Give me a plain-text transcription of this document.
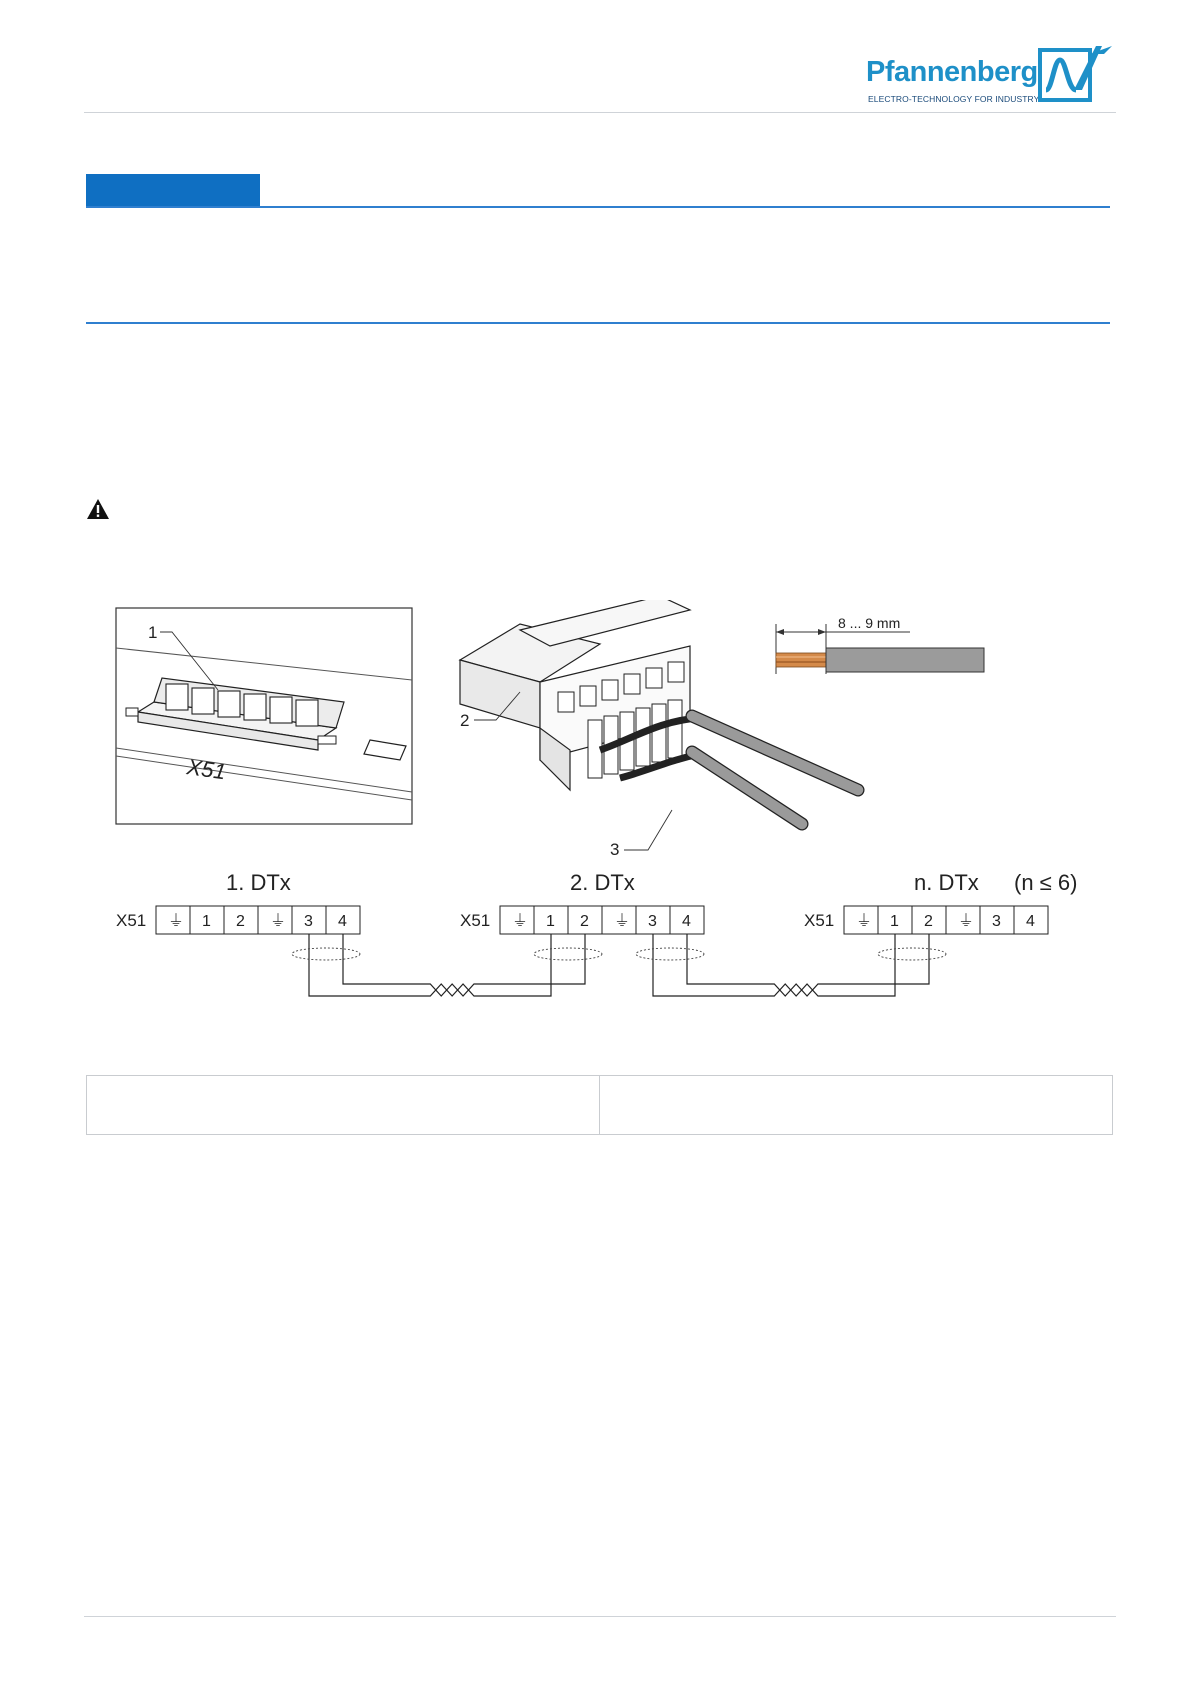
Pfannenberg
ELECTRO-TECHNOLOGY FOR INDUSTRY
X51
1
2
3
8 ... 9 mm
X51
1. DTx
⏚ 1 2 ⏚ 3 4	X51
2. DTx
⏚ 1 2 ⏚ 3 4	X51
n. DTx
⏚ 1 2 ⏚ 3 4
(n ≤ 6)
